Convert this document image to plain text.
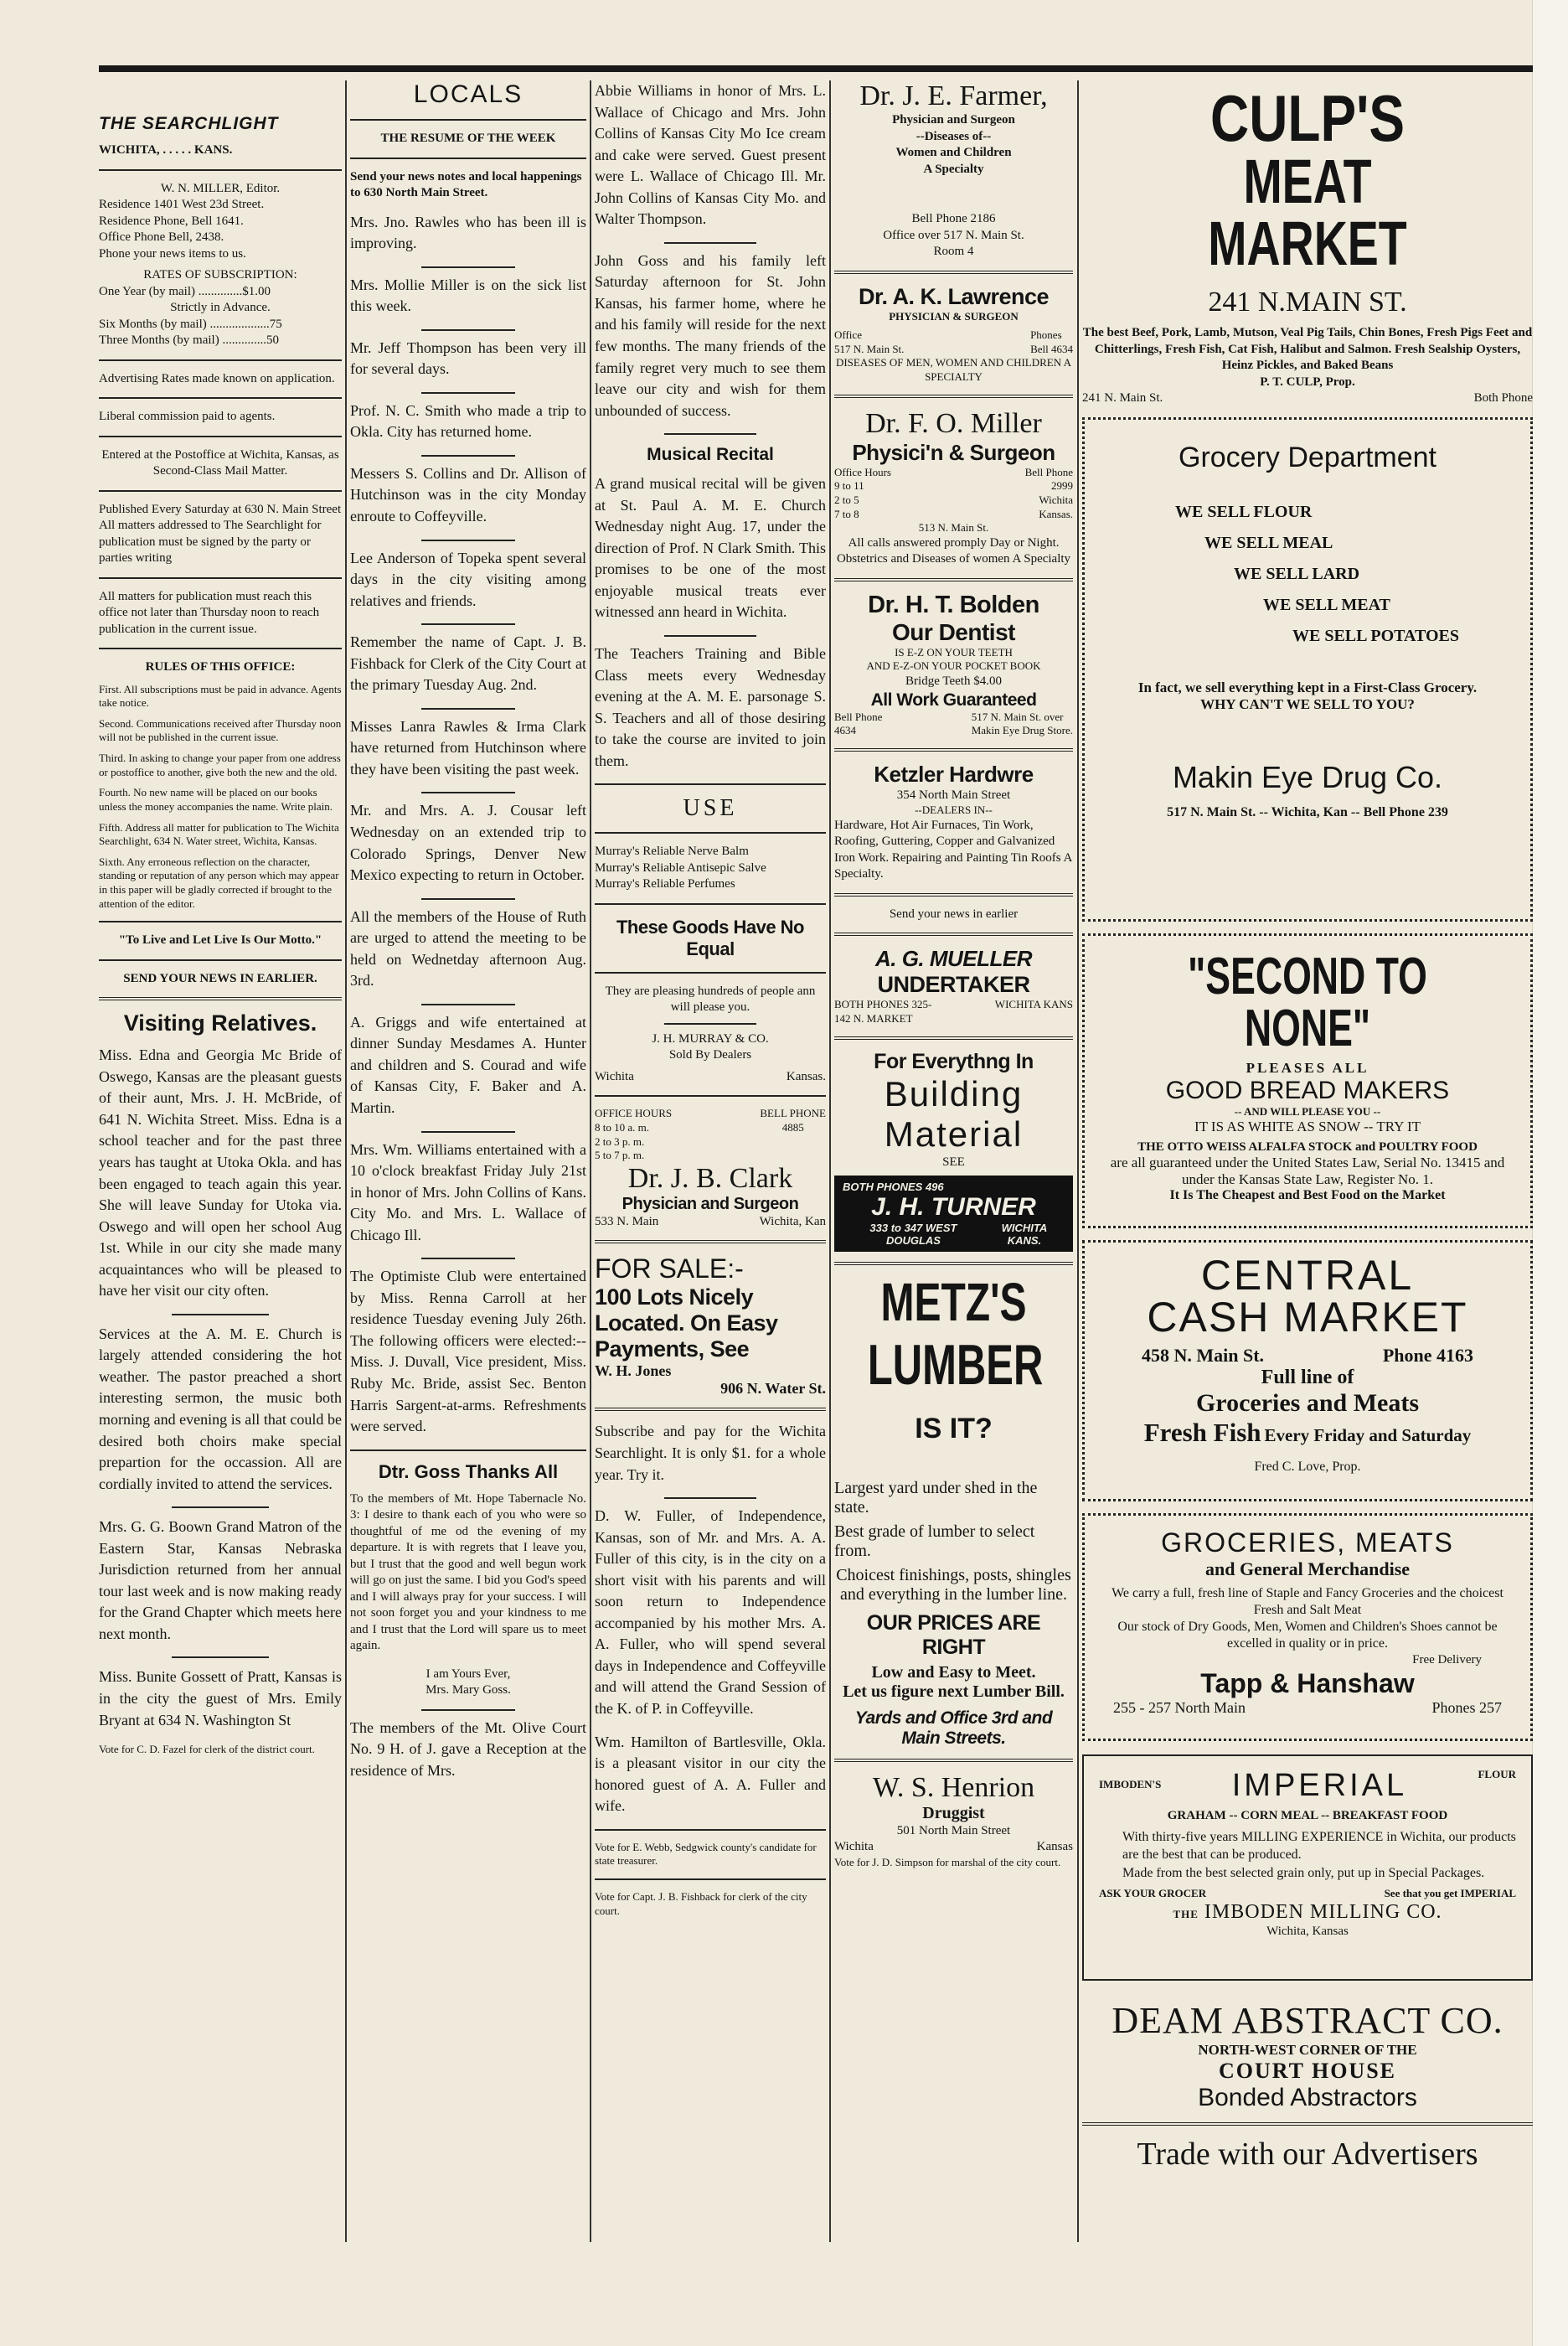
THE SEARCHLIGHT
WICHITA, . . . . . KANS.
W. N. MILLER, Editor.
Residence 1401 West 23d Street.
Residence Phone, Bell 1641.
Office Phone Bell, 2438.
Phone your news items to us.
RATES OF SUBSCRIPTION:
One Year (by mail) ..............$1.00
Strictly in Advance.
Six Months (by mail) ...................75
Three Months (by mail) ..............50
Advertising Rates made known on application.
Liberal commission paid to agents.
Entered at the Postoffice at Wichita, Kansas, as Second-Class Mail Matter.
Published Every Saturday at 630 N. Main Street
All matters addressed to The Searchlight for publication must be signed by the party or parties writing
All matters for publication must reach this office not later than Thursday noon to reach publication in the current issue.
RULES OF THIS OFFICE:
First. All subscriptions must be paid in advance. Agents take notice.
Second. Communications received after Thursday noon will not be published in the current issue.
Third. In asking to change your paper from one address or postoffice to another, give both the new and the old.
Fourth. No new name will be placed on our books unless the money accompanies the name. Write plain.
Fifth. Address all matter for publication to The Wichita Searchlight, 634 N. Water street, Wichita, Kansas.
Sixth. Any erroneous reflection on the character, standing or reputation of any person which may appear in this paper will be gladly corrected if brought to the attention of the editor.
"To Live and Let Live Is Our Motto."
SEND YOUR NEWS IN EARLIER.
Visiting Relatives.

Miss. Edna and Georgia Mc Bride of Oswego, Kansas are the pleasant guests of their aunt, Mrs. J. H. McBride, of 641 N. Wichita Street. Miss. Edna is a school teacher and for the past three years has taught at Utoka Okla. and has been engaged to teach again this year. She will leave Sunday for Utoka via. Oswego and will open her school Aug 1st. While in our city she made many acquaintances who will be pleased to have her visit our city often.

Services at the A. M. E. Church is largely attended considering the hot weather. The pastor preached a short interesting sermon, the music both morning and evening is all that could be desired both choirs make special prepartion for the occassion. All are cordially invited to attend the services.

Mrs. G. G. Boown Grand Matron of the Eastern Star, Kansas Nebraska Jurisdiction returned from her annual tour last week and is now making ready for the Grand Chapter which meets here next month.

Miss. Bunite Gossett of Pratt, Kansas is in the city the guest of Mrs. Emily Bryant at 634 N. Washington St

Vote for C. D. Fazel for clerk of the district court.
LOCALS
THE RESUME OF THE WEEK
Send your news notes and local happenings to 630 North Main Street.

Mrs. Jno. Rawles who has been ill is improving.

Mrs. Mollie Miller is on the sick list this week.

Mr. Jeff Thompson has been very ill for several days.

Prof. N. C. Smith who made a trip to Okla. City has returned home.

Messers S. Collins and Dr. Allison of Hutchinson was in the city Monday enroute to Coffeyville.

Lee Anderson of Topeka spent several days in the city visiting among relatives and friends.

Remember the name of Capt. J. B. Fishback for Clerk of the City Court at the primary Tuesday Aug. 2nd.

Misses Lanra Rawles & Irma Clark have returned from Hutchinson where they have been visiting the past week.

Mr. and Mrs. A. J. Cousar left Wednesday on an extended trip to Colorado Springs, Denver New Mexico expecting to return in October.

All the members of the House of Ruth are urged to attend the meeting to be held on Wednetday afternoon Aug. 3rd.

A. Griggs and wife entertained at dinner Sunday Mesdames A. Hunter and children and S. Courad and wife of Kansas City, F. Baker and A. Martin.

Mrs. Wm. Williams entertained with a 10 o'clock breakfast Friday July 21st in honor of Mrs. John Collins of Kans. City Mo. and Mrs. L. Wallace of Chicago Ill.

The Optimiste Club were entertained by Miss. Renna Carroll at her residence Tuesday evening July 26th. The following officers were elected:-- Miss. J. Duvall, Vice president, Miss. Ruby Mc. Bride, assist Sec. Benton Harris Sargent-at-arms. Refreshments were served.

Dtr. Goss Thanks All

To the members of Mt. Hope Tabernacle No. 3: I desire to thank each of you who were so thoughtful of me od the evening of my departure. It is with regrets that I leave you, but I trust that the good and well begun work will go on just the same. I bid you God's speed and I will always pray for your success. I will not soon forget you and your kindness to me and I trust that the Lord will spare us to meet again.

I am Yours Ever,
Mrs. Mary Goss.

The members of the Mt. Olive Court No. 9 H. of J. gave a Reception at the residence of Mrs.

Abbie Williams in honor of Mrs. L. Wallace of Chicago and Mrs. John Collins of Kansas City Mo Ice cream and cake were served. Guest present were L. Wallace of Chicago Ill. Mr. John Collins of Kansas City Mo. and Walter Thompson.

John Goss and his family left Saturday afternoon for St. John Kansas, his farmer home, where he and his family will reside for the next few months. The many friends of the family regret very much to see them leave our city and wish for them unbounded of success.

Musical Recital

A grand musical recital will be given at St. Paul A. M. E. Church Wednesday night Aug. 17, under the direction of Prof. N Clark Smith. This promises to be one of the most enjoyable musical treats ever witnessed ann heard in Wichita.

The Teachers Training and Bible Class meets every Wednesday evening at the A. M. E. parsonage S. S. Teachers and all of those desiring to take the course are invited to join them.

USE
Murray's Reliable Nerve Balm
Murray's Reliable Antisepic Salve
Murray's Reliable Perfumes
These Goods Have No Equal
They are pleasing hundreds of people ann will please you.
J. H. MURRAY & CO.
Sold By Dealers
Wichita	Kansas.
OFFICE HOURS
8 to 10 a. m.
2 to 3 p. m.
5 to 7 p. m.
BELL PHONE
4885
Dr. J. B. Clark
Physician and Surgeon
533 N. Main	Wichita, Kan
FOR SALE:-
100 Lots Nicely Located. On Easy Payments, See
W. H. Jones
906 N. Water St.

Subscribe and pay for the Wichita Searchlight. It is only $1. for a whole year. Try it.

D. W. Fuller, of Independence, Kansas, son of Mr. and Mrs. A. A. Fuller of this city, is in the city on a short visit with his parents and will soon return to Independence accompanied by his mother Mrs. A. A. Fuller, who will spend several days in Independence and Coffeyville and will attend the Grand Session of the K. of P. in Coffeyville.

Wm. Hamilton of Bartlesville, Okla. is a pleasant visitor in our city the honored guest of A. A. Fuller and wife.

Vote for E. Webb, Sedgwick county's candidate for state treasurer.
Vote for Capt. J. B. Fishback for clerk of the city court.
Dr. J. E. Farmer,
Physician and Surgeon
--Diseases of--
Women and Children
A Specialty
Bell Phone 2186
Office over 517 N. Main St.
Room 4
Dr. A. K. Lawrence
PHYSICIAN & SURGEON
Office
517 N. Main St.
Phones
Bell 4634
DISEASES OF MEN, WOMEN AND CHILDREN A SPECIALTY
Dr. F. O. Miller
Physici'n & Surgeon
Office Hours
9 to 11
2 to 5
7 to 8
Bell Phone
2999
Wichita
Kansas.
513 N. Main St.
All calls answered promply Day or Night. Obstetrics and Diseases of women A Specialty
Dr. H. T. Bolden
Our Dentist
IS E-Z ON YOUR TEETH
AND E-Z-ON YOUR POCKET BOOK
Bridge Teeth $4.00
All Work Guaranteed
Bell Phone
4634
517 N. Main St. over
Makin Eye Drug Store.
Ketzler Hardwre
354 North Main Street
--DEALERS IN--
Hardware, Hot Air Furnaces, Tin Work, Roofing, Guttering, Copper and Galvanized Iron Work. Repairing and Painting Tin Roofs A Specialty.
Send your news in earlier
A. G. MUELLER
UNDERTAKER
BOTH PHONES 325-
142 N. MARKET
WICHITA KANS
For Everythng In
Building
Material
SEE
BOTH PHONES 496
J. H. TURNER
333 to 347 WEST DOUGLAS
WICHITA KANS.
METZ'S
LUMBER
IS IT?
Largest yard under shed in the state.
Best grade of lumber to select from.
Choicest finishings, posts, shingles and everything in the lumber line.
OUR PRICES ARE RIGHT
Low and Easy to Meet.
Let us figure next Lumber Bill.
Yards and Office 3rd and Main Streets.
W. S. Henrion
Druggist
501 North Main Street
Wichita	Kansas
Vote for J. D. Simpson for marshal of the city court.
CULP'S
MEAT MARKET
241 N.MAIN ST.
The best Beef, Pork, Lamb, Mutson, Veal Pig Tails, Chin Bones, Fresh Pigs Feet and Chitterlings, Fresh Fish, Cat Fish, Halibut and Salmon. Fresh Sealship Oysters, Heinz Pickles, and Baked Beans
P. T. CULP, Prop.
241 N. Main St.	Both Phone
Grocery Department
WE SELL FLOUR
WE SELL MEAL
WE SELL LARD
WE SELL MEAT
WE SELL POTATOES
In fact, we sell everything kept in a First-Class Grocery.
WHY CAN'T WE SELL TO YOU?
Makin Eye Drug Co.
517 N. Main St. -- Wichita, Kan -- Bell Phone 239
"SECOND TO NONE"
PLEASES ALL
GOOD BREAD MAKERS
-- AND WILL PLEASE YOU --
IT IS AS WHITE AS SNOW -- TRY IT
THE OTTO WEISS ALFALFA STOCK and POULTRY FOOD
are all guaranteed under the United States Law, Serial No. 13415 and under the Kansas State Law, Register No. 1.
It Is The Cheapest and Best Food on the Market
CENTRAL
CASH MARKET
458 N. Main St.	Phone 4163
Full line of
Groceries and Meats
Fresh Fish Every Friday and Saturday
Fred C. Love, Prop.
GROCERIES, MEATS
and General Merchandise
We carry a full, fresh line of Staple and Fancy Groceries and the choicest Fresh and Salt Meat
Our stock of Dry Goods, Men, Women and Children's Shoes cannot be excelled in quality or in price.
Free Delivery
Tapp & Hanshaw
255 - 257 North Main	Phones 257
IMBODEN'S IMPERIAL	FLOUR
GRAHAM -- CORN MEAL -- BREAKFAST FOOD
With thirty-five years MILLING EXPERIENCE in Wichita, our products are the best that can be produced.
Made from the best selected grain only, put up in Special Packages.
ASK YOUR GROCER	See that you get IMPERIAL
THE IMBODEN MILLING CO.
Wichita, Kansas
DEAM ABSTRACT CO.
NORTH-WEST CORNER OF THE
COURT HOUSE
Bonded Abstractors
Trade with our Advertisers
